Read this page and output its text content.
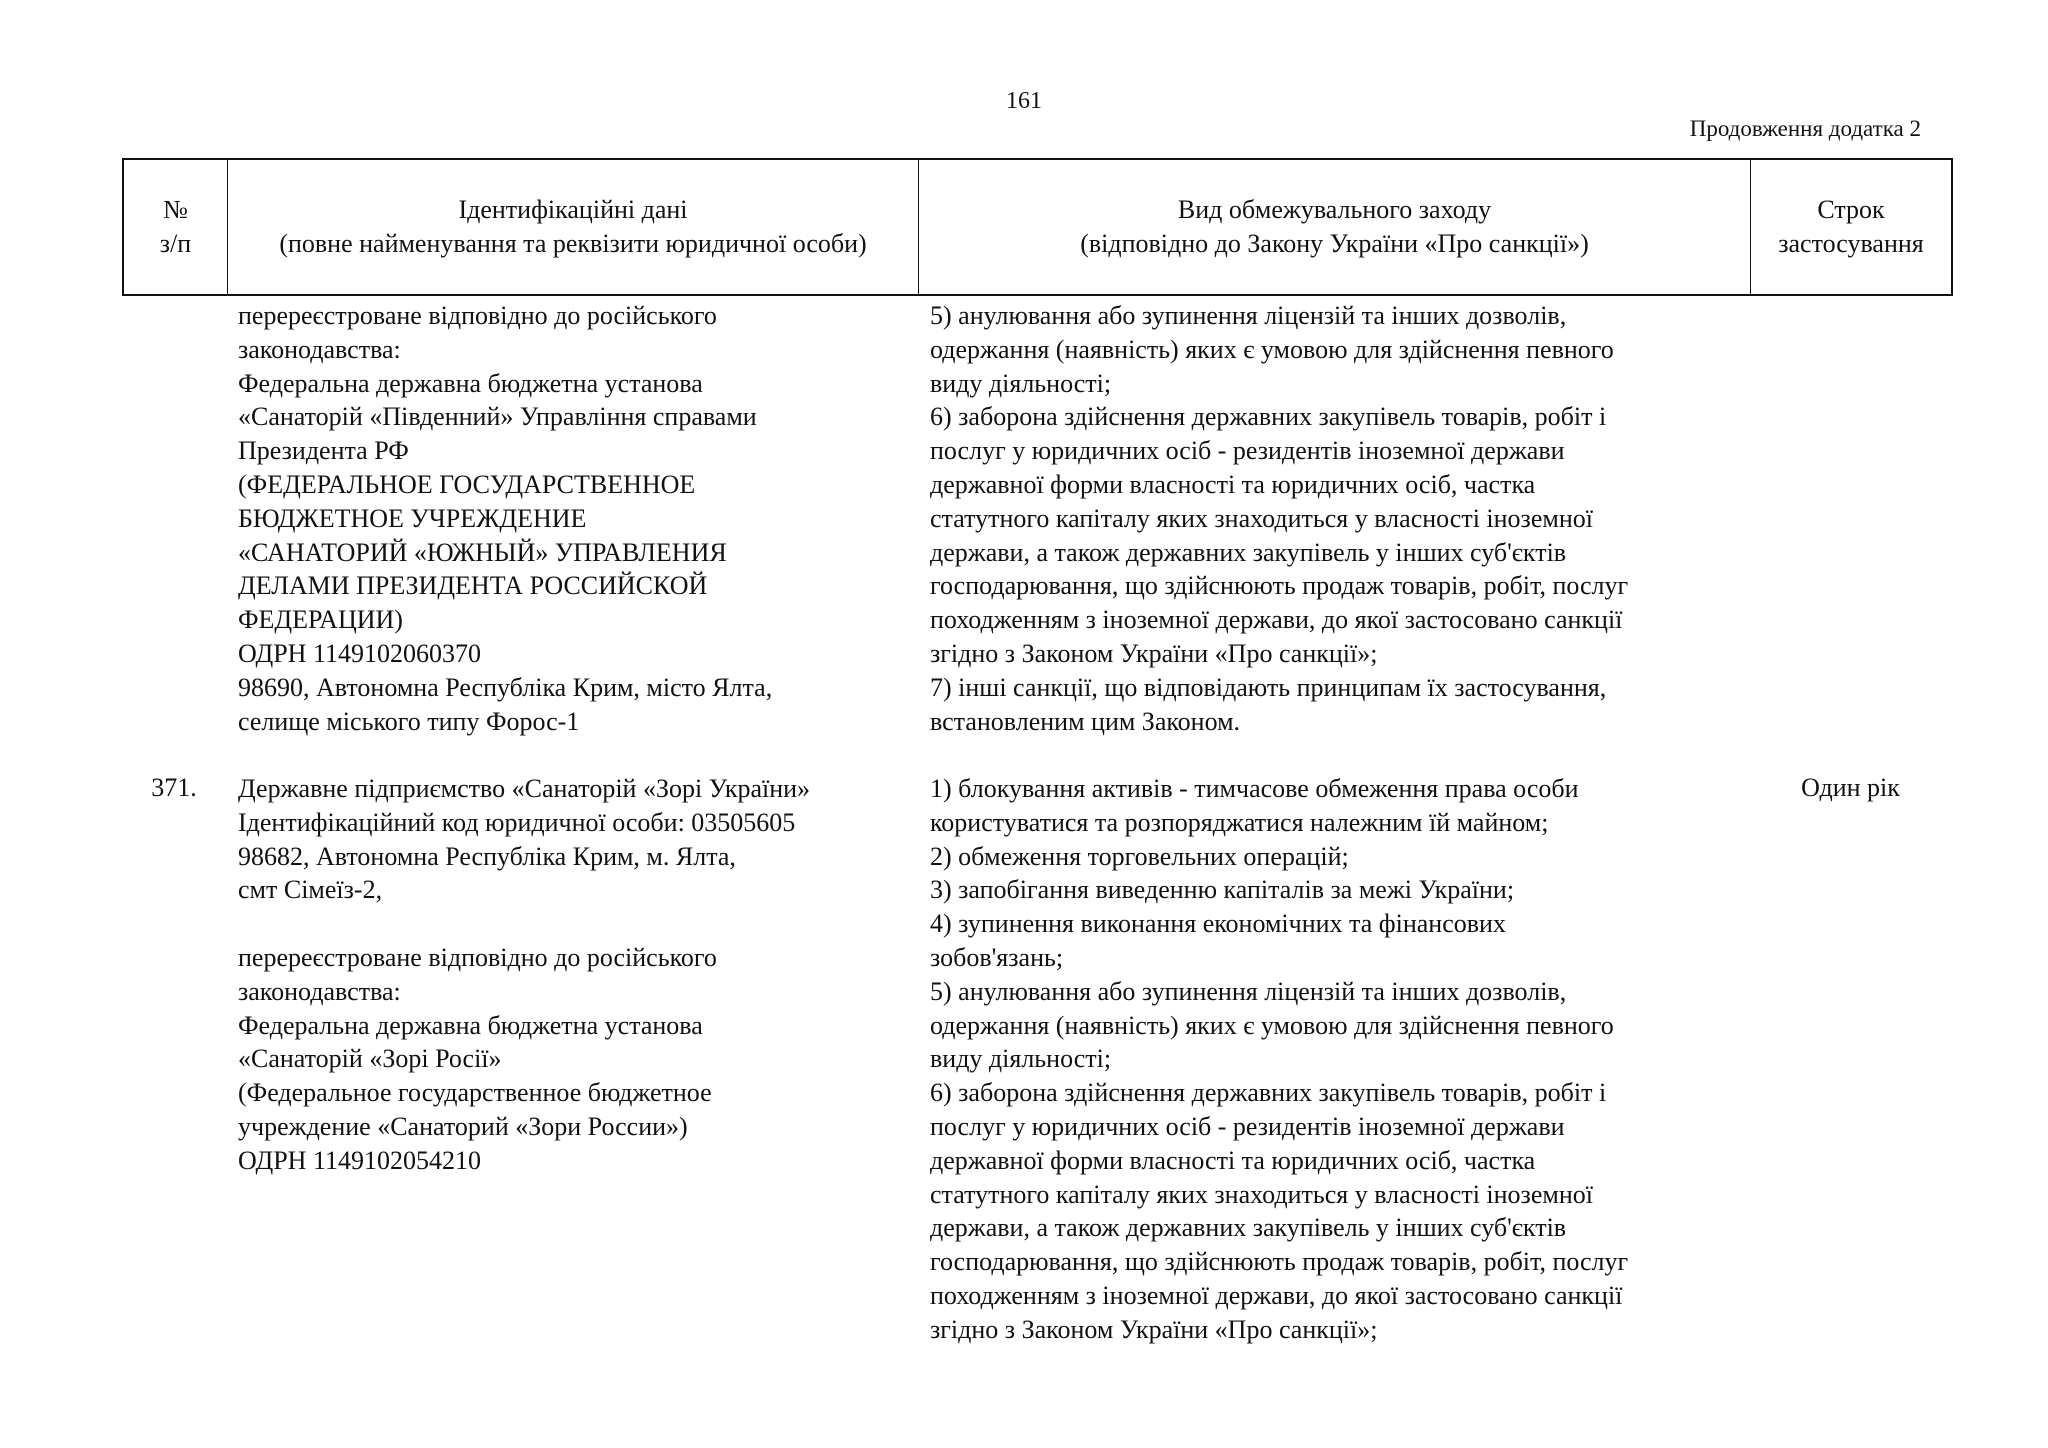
161
Продовження додатка 2
№
з/п
Ідентифікаційні дані
(повне найменування та реквізити юридичної особи)
Вид обмежувального заходу
(відповідно до Закону України «Про санкції»)
Строк
застосування
перереєстроване відповідно до російського
законодавства:
Федеральна державна бюджетна установа
«Санаторій «Південний» Управління справами
Президента РФ
(ФЕДЕРАЛЬНОЕ ГОСУДАРСТВЕННОЕ
БЮДЖЕТНОЕ УЧРЕЖДЕНИЕ
«САНАТОРИЙ «ЮЖНЫЙ» УПРАВЛЕНИЯ
ДЕЛАМИ ПРЕЗИДЕНТА РОССИЙСКОЙ
ФЕДЕРАЦИИ)
ОДРН 1149102060370
98690, Автономна Республіка Крим, місто Ялта,
селище міського типу Форос-1
5) анулювання або зупинення ліцензій та інших дозволів,
одержання (наявність) яких є умовою для здійснення певного
виду діяльності;
6) заборона здійснення державних закупівель товарів, робіт і
послуг у юридичних осіб - резидентів іноземної держави
державної форми власності та юридичних осіб, частка
статутного капіталу яких знаходиться у власності іноземної
держави, а також державних закупівель у інших суб'єктів
господарювання, що здійснюють продаж товарів, робіт, послуг
походженням з іноземної держави, до якої застосовано санкції
згідно з Законом України «Про санкції»;
7) інші санкції, що відповідають принципам їх застосування,
встановленим цим Законом.
371.	Державне підприємство «Санаторій «Зорі України»
Ідентифікаційний код юридичної особи: 03505605
98682, Автономна Республіка Крим, м. Ялта,
смт Сімеїз-2,

перереєстроване відповідно до російського
законодавства:
Федеральна державна бюджетна установа
«Санаторій «Зорі Росії»
(Федеральное государственное бюджетное
учреждение «Санаторий «Зори России»)
ОДРН 1149102054210
1) блокування активів - тимчасове обмеження права особи
користуватися та розпоряджатися належним їй майном;
2) обмеження торговельних операцій;
3) запобігання виведенню капіталів за межі України;
4) зупинення виконання економічних та фінансових
зобов'язань;
5) анулювання або зупинення ліцензій та інших дозволів,
одержання (наявність) яких є умовою для здійснення певного
виду діяльності;
6) заборона здійснення державних закупівель товарів, робіт і
послуг у юридичних осіб - резидентів іноземної держави
державної форми власності та юридичних осіб, частка
статутного капіталу яких знаходиться у власності іноземної
держави, а також державних закупівель у інших суб'єктів
господарювання, що здійснюють продаж товарів, робіт, послуг
походженням з іноземної держави, до якої застосовано санкції
згідно з Законом України «Про санкції»;
Один рік
